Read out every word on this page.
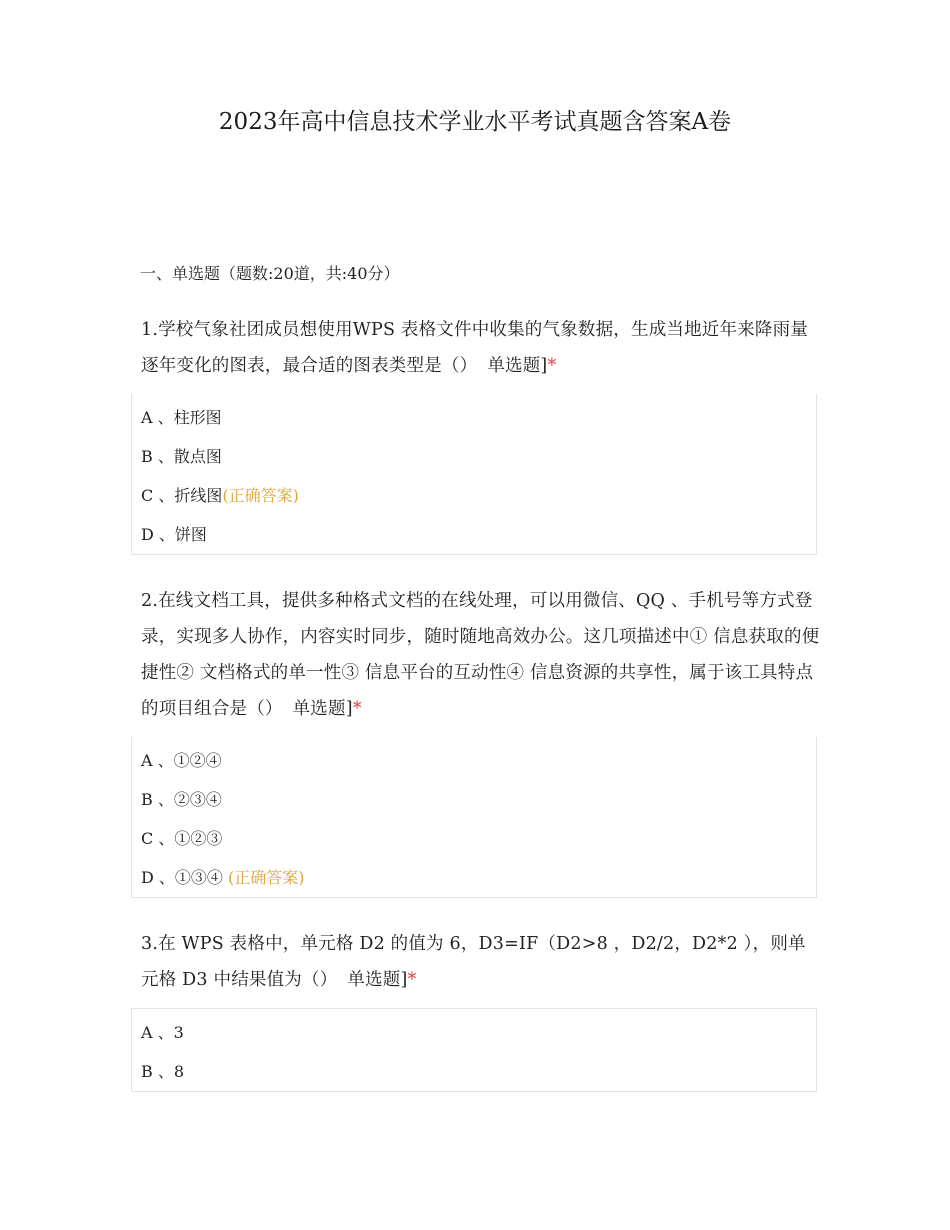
2023年高中信息技术学业水平考试真题含答案A卷
一、单选题（题数:20道，共:40分）
1.学校气象社团成员想使用WPS 表格文件中收集的气象数据，生成当地近年来降雨量逐年变化的图表，最合适的图表类型是（） 单选题]*
A 、柱形图
B 、散点图
C 、折线图(正确答案)
D 、饼图
2.在线文档工具，提供多种格式文档的在线处理，可以用微信、QQ 、手机号等方式登录，实现多人协作，内容实时同步，随时随地高效办公。这几项描述中① 信息获取的便捷性② 文档格式的单一性③ 信息平台的互动性④ 信息资源的共享性，属于该工具特点的项目组合是（） 单选题]*
A 、①②④
B 、②③④
C 、①②③
D 、①③④ (正确答案)
3.在 WPS 表格中，单元格 D2 的值为 6，D3=IF（D2>8 ，D2/2，D2*2 ），则单元格 D3 中结果值为（） 单选题]*
A 、3
B 、8
